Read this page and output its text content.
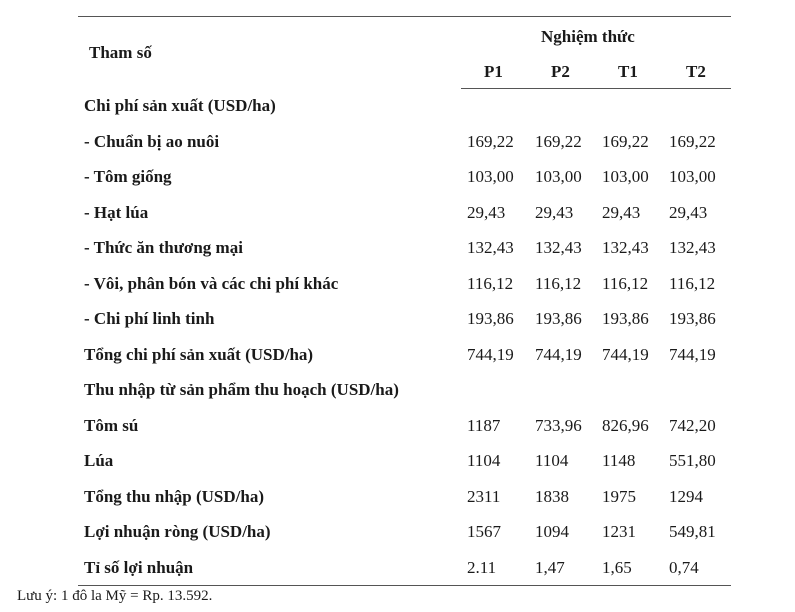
Tham số
Nghiệm thức
P1	P2	T1	T2
Chi phí sản xuất (USD/ha)
- Chuẩn bị ao nuôi	169,22 169,22 169,22 169,22
- Tôm giống	103,00 103,00 103,00 103,00
- Hạt lúa	29,43 29,43 29,43 29,43
- Thức ăn thương mại	132,43 132,43 132,43 132,43
- Vôi, phân bón và các chi phí khác	116,12 116,12 116,12 116,12
- Chi phí linh tinh	193,86 193,86 193,86 193,86
Tổng chi phí sản xuất (USD/ha)	744,19 744,19 744,19 744,19
Thu nhập từ sản phẩm thu hoạch (USD/ha)
Tôm sú	1187 733,96 826,96 742,20
Lúa	1104 1104 1148 551,80
Tổng thu nhập (USD/ha)	2311 1838 1975 1294
Lợi nhuận ròng (USD/ha)	1567 1094 1231 549,81
Tỉ số lợi nhuận	2.11 1,47 1,65 0,74
Lưu ý: 1 đô la Mỹ = Rp. 13.592.
